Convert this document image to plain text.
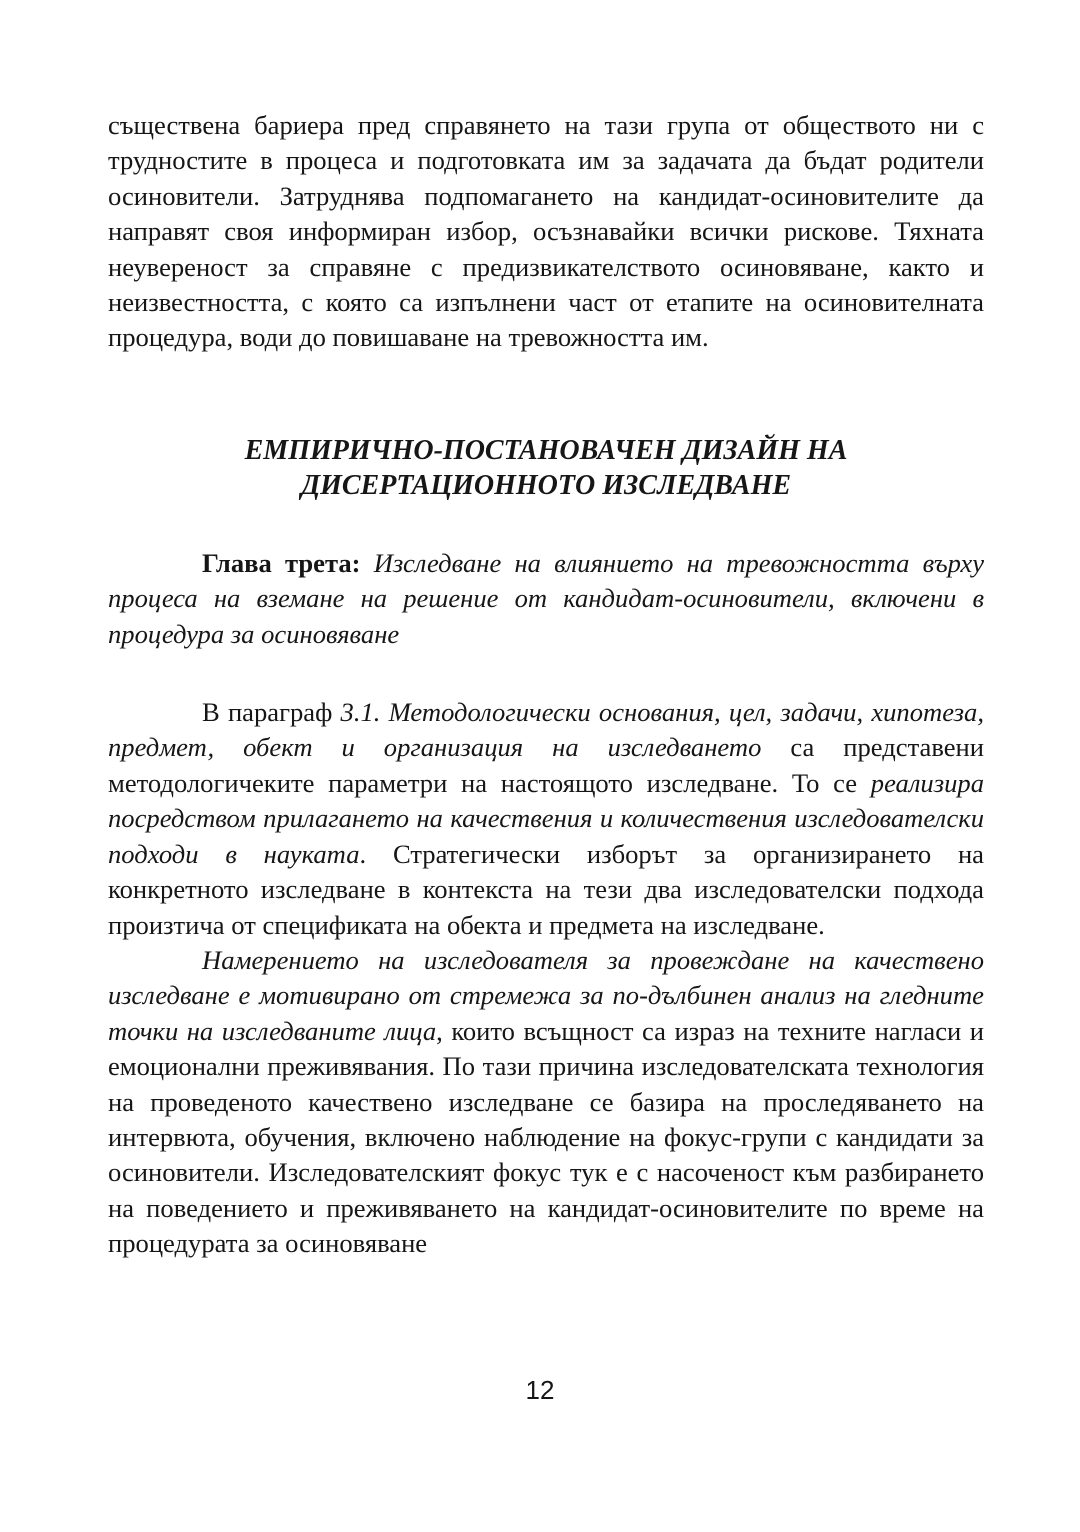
съществена бариера пред справянето на тази група от обществото ни с трудностите в процеса и подготовката им за задачата да бъдат родители осиновители. Затруднява подпомагането на кандидат-осиновителите да направят своя информиран избор, осъзнавайки всички рискове. Тяхната неувереност за справяне с предизвикателството осиновяване, както и неизвестността, с която са изпълнени част от етапите на осиновителната процедура, води до повишаване на тревожността им.

ЕМПИРИЧНО-ПОСТАНОВАЧЕН ДИЗАЙН НА
ДИСЕРТАЦИОННОТО ИЗСЛЕДВАНЕ

Глава трета: Изследване на влиянието на тревожността върху процеса на вземане на решение от кандидат-осиновители, включени в процедура за осиновяване

В параграф 3.1. Методологически основания, цел, задачи, хипотеза, предмет, обект и организация на изследването са представени методологичеките параметри на настоящото изследване. То се реализира посредством прилагането на качествения и количествения изследователски подходи в науката. Стратегически изборът за организирането на конкретното изследване в контекста на тези два изследователски подхода произтича от спецификата на обекта и предмета на изследване.

Намерението на изследователя за провеждане на качествено изследване е мотивирано от стремежа за по-дълбинен анализ на гледните точки на изследваните лица, които всъщност са израз на техните нагласи и емоционални преживявания. По тази причина изследователската технология на проведеното качествено изследване се базира на проследяването на интервюта, обучения, включено наблюдение на фокус-групи с кандидати за осиновители. Изследователският фокус тук е с насоченост към разбирането на поведението и преживяването на кандидат-осиновителите по време на процедурата за осиновяване

12
